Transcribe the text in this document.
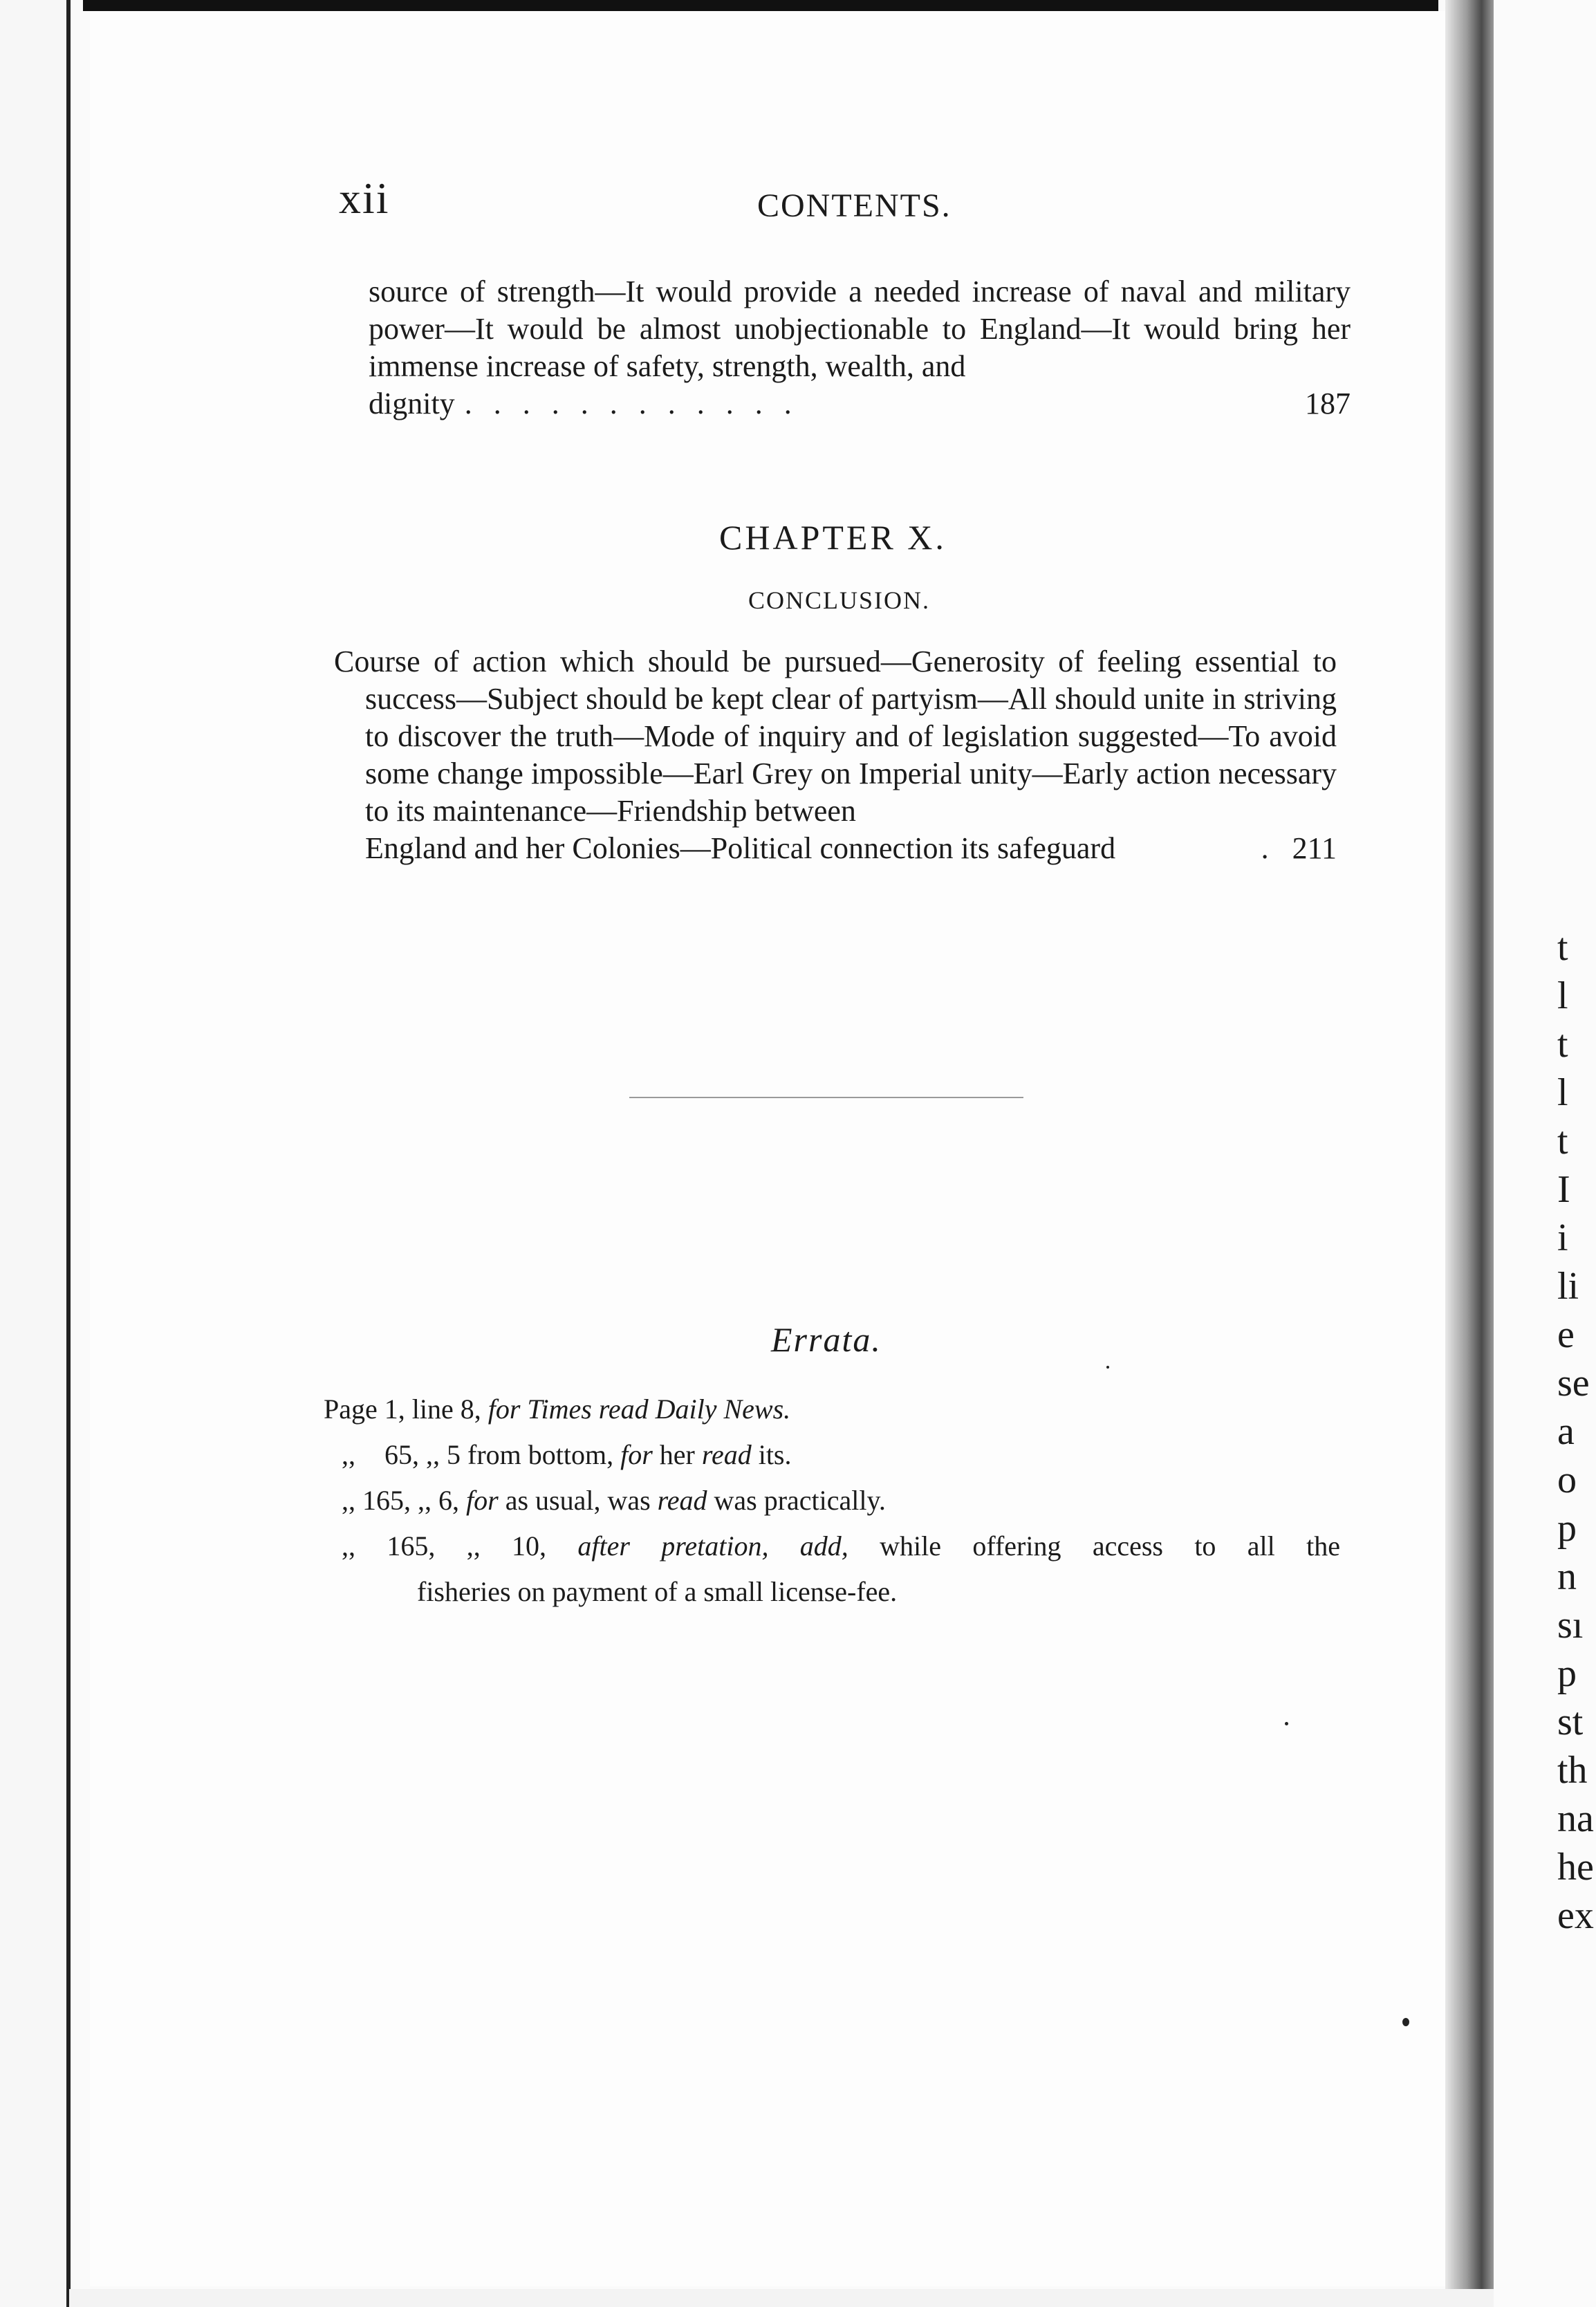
t
l
t
l
t
I
i
li
e
se
a
o
p
n
sı
p
st
th
na
he
ex
xii	CONTENTS.
source of strength—It would provide a needed increase of naval and military power—It would be almost unobjectionable to England—It would bring her immense increase of safety, strength, wealth, and
dignity . . . . . . . . . . . .	187
CHAPTER X.
CONCLUSION.
Course of action which should be pursued—Generosity of feeling essential to success—Subject should be kept clear of partyism—All should unite in striving to discover the truth—Mode of inquiry and of legislation suggested—To avoid some change impossible—Earl Grey on Imperial unity—Early action necessary to its maintenance—Friendship between
England and her Colonies—Political connection its safeguard	. 211
Errata.
Page 1, line 8, for Times read Daily News.
,, 65, ,, 5 from bottom, for her read its.
,, 165, ,, 6, for as usual, was read was practically.
,, 165, ,, 10, after pretation, add, while offering access to all the
fisheries on payment of a small license-fee.
